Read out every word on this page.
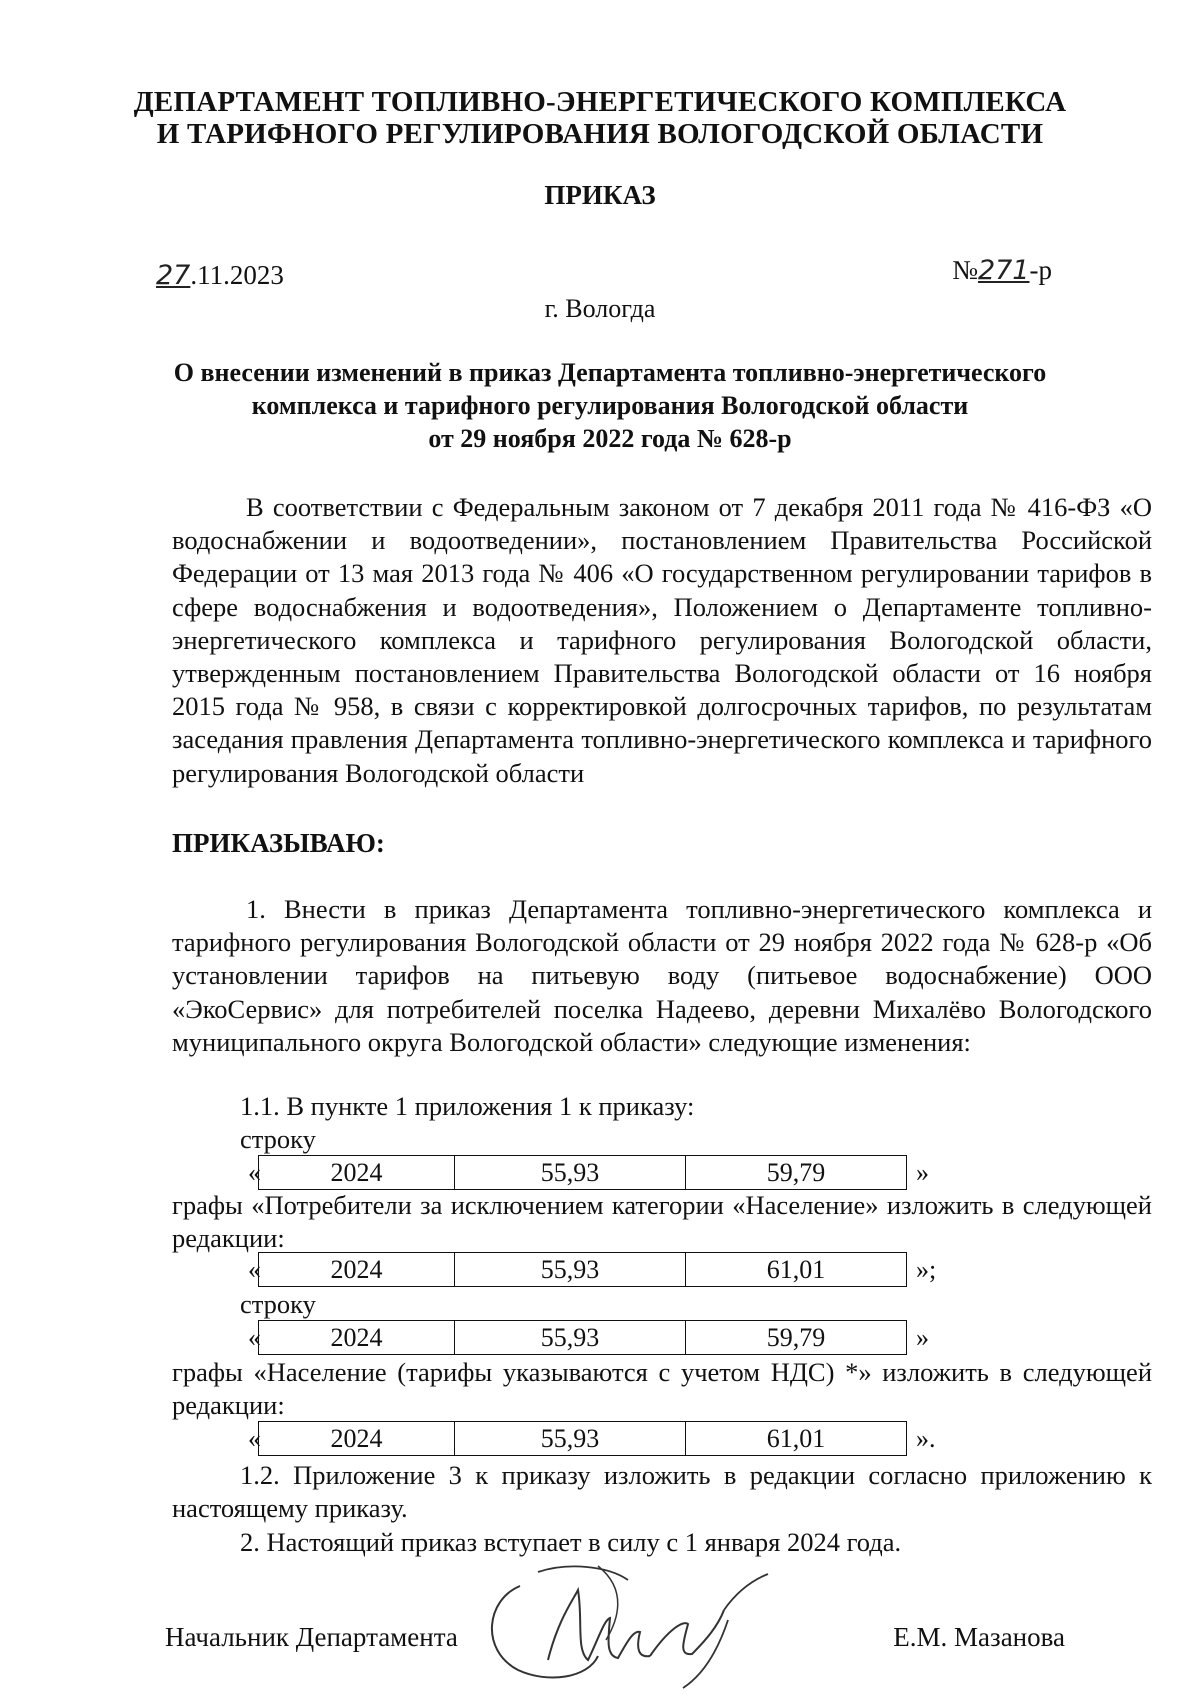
ДЕПАРТАМЕНТ ТОПЛИВНО-ЭНЕРГЕТИЧЕСКОГО КОМПЛЕКСА
И ТАРИФНОГО РЕГУЛИРОВАНИЯ ВОЛОГОДСКОЙ ОБЛАСТИ
ПРИКАЗ
27.11.2023	№271-р
г. Вологда
О внесении изменений в приказ Департамента топливно-энергетического
комплекса и тарифного регулирования Вологодской области
от 29 ноября 2022 года № 628-р
В соответствии с Федеральным законом от 7 декабря 2011 года № 416-ФЗ «О водоснабжении и водоотведении», постановлением Правительства Российской Федерации от 13 мая 2013 года № 406 «О государственном регулировании тарифов в сфере водоснабжения и водоотведения», Положением о Департаменте топливно-энергетического комплекса и тарифного регулирования Вологодской области, утвержденным постановлением Правительства Вологодской области от 16 ноября 2015 года № 958, в связи с корректировкой долгосрочных тарифов, по результатам заседания правления Департамента топливно-энергетического комплекса и тарифного регулирования Вологодской области
ПРИКАЗЫВАЮ:
1. Внести в приказ Департамента топливно-энергетического комплекса и тарифного регулирования Вологодской области от 29 ноября 2022 года № 628-р «Об установлении тарифов на питьевую воду (питьевое водоснабжение) ООО «ЭкоСервис» для потребителей поселка Надеево, деревни Михалёво Вологодского муниципального округа Вологодской области» следующие изменения:
1.1. В пункте 1 приложения 1 к приказу:
строку
«	2024	55,93	59,79	»
графы «Потребители за исключением категории «Население» изложить в следующей редакции:
«	2024	55,93	61,01	»;
строку
«	2024	55,93	59,79	»
графы «Население (тарифы указываются с учетом НДС) *» изложить в следующей редакции:
«	2024	55,93	61,01	».
1.2. Приложение 3 к приказу изложить в редакции согласно приложению к настоящему приказу.
2. Настоящий приказ вступает в силу с 1 января 2024 года.
Начальник Департамента	Е.М. Мазанова
